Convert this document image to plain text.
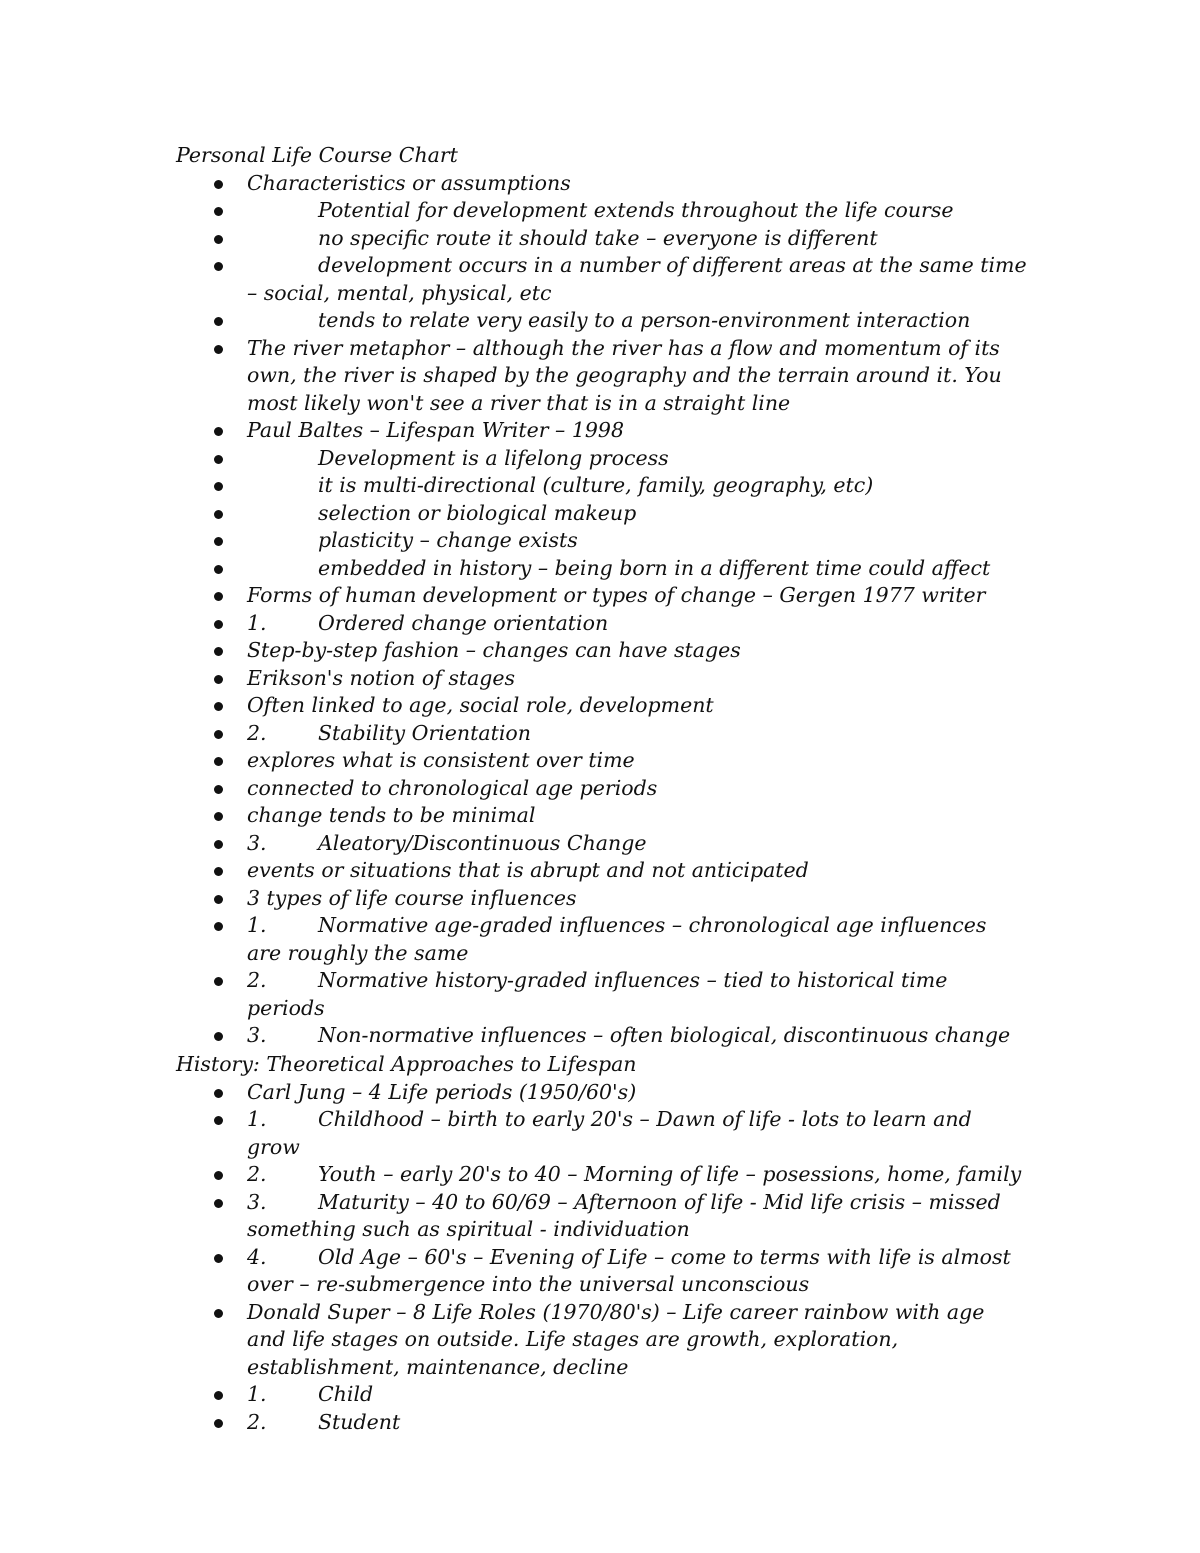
Personal Life Course Chart
Characteristics or assumptions
Potential for development extends throughout the life course
no specific route it should take – everyone is different
development occurs in a number of different areas at the same time – social, mental, physical, etc
tends to relate very easily to a person-environment interaction
The river metaphor – although the river has a flow and momentum of its own, the river is shaped by the geography and the terrain around it. You most likely won't see a river that is in a straight line
Paul Baltes – Lifespan Writer – 1998
Development is a lifelong process
it is multi-directional (culture, family, geography, etc)
selection or biological makeup
plasticity – change exists
embedded in history – being born in a different time could affect
Forms of human development or types of change – Gergen 1977 writer
1.	Ordered change orientation
Step-by-step fashion – changes can have stages
Erikson's notion of stages
Often linked to age, social role, development
2.	Stability Orientation
explores what is consistent over time
connected to chronological age periods
change tends to be minimal
3.	Aleatory/Discontinuous Change
events or situations that is abrupt and not anticipated
3 types of life course influences
1.	Normative age-graded influences – chronological age influences are roughly the same
2.	Normative history-graded influences – tied to historical time periods
3.	Non-normative influences – often biological, discontinuous change
History: Theoretical Approaches to Lifespan
Carl Jung – 4 Life periods (1950/60's)
1.	Childhood – birth to early 20's – Dawn of life - lots to learn and grow
2.	Youth – early 20's to 40 – Morning of life – posessions, home, family
3.	Maturity – 40 to 60/69 – Afternoon of life - Mid life crisis – missed something such as spiritual - individuation
4.	Old Age – 60's – Evening of Life – come to terms with life is almost over – re-submergence into the universal unconscious
Donald Super – 8 Life Roles (1970/80's) – Life career rainbow with age and life stages on outside. Life stages are growth, exploration, establishment, maintenance, decline
1.	Child
2.	Student
